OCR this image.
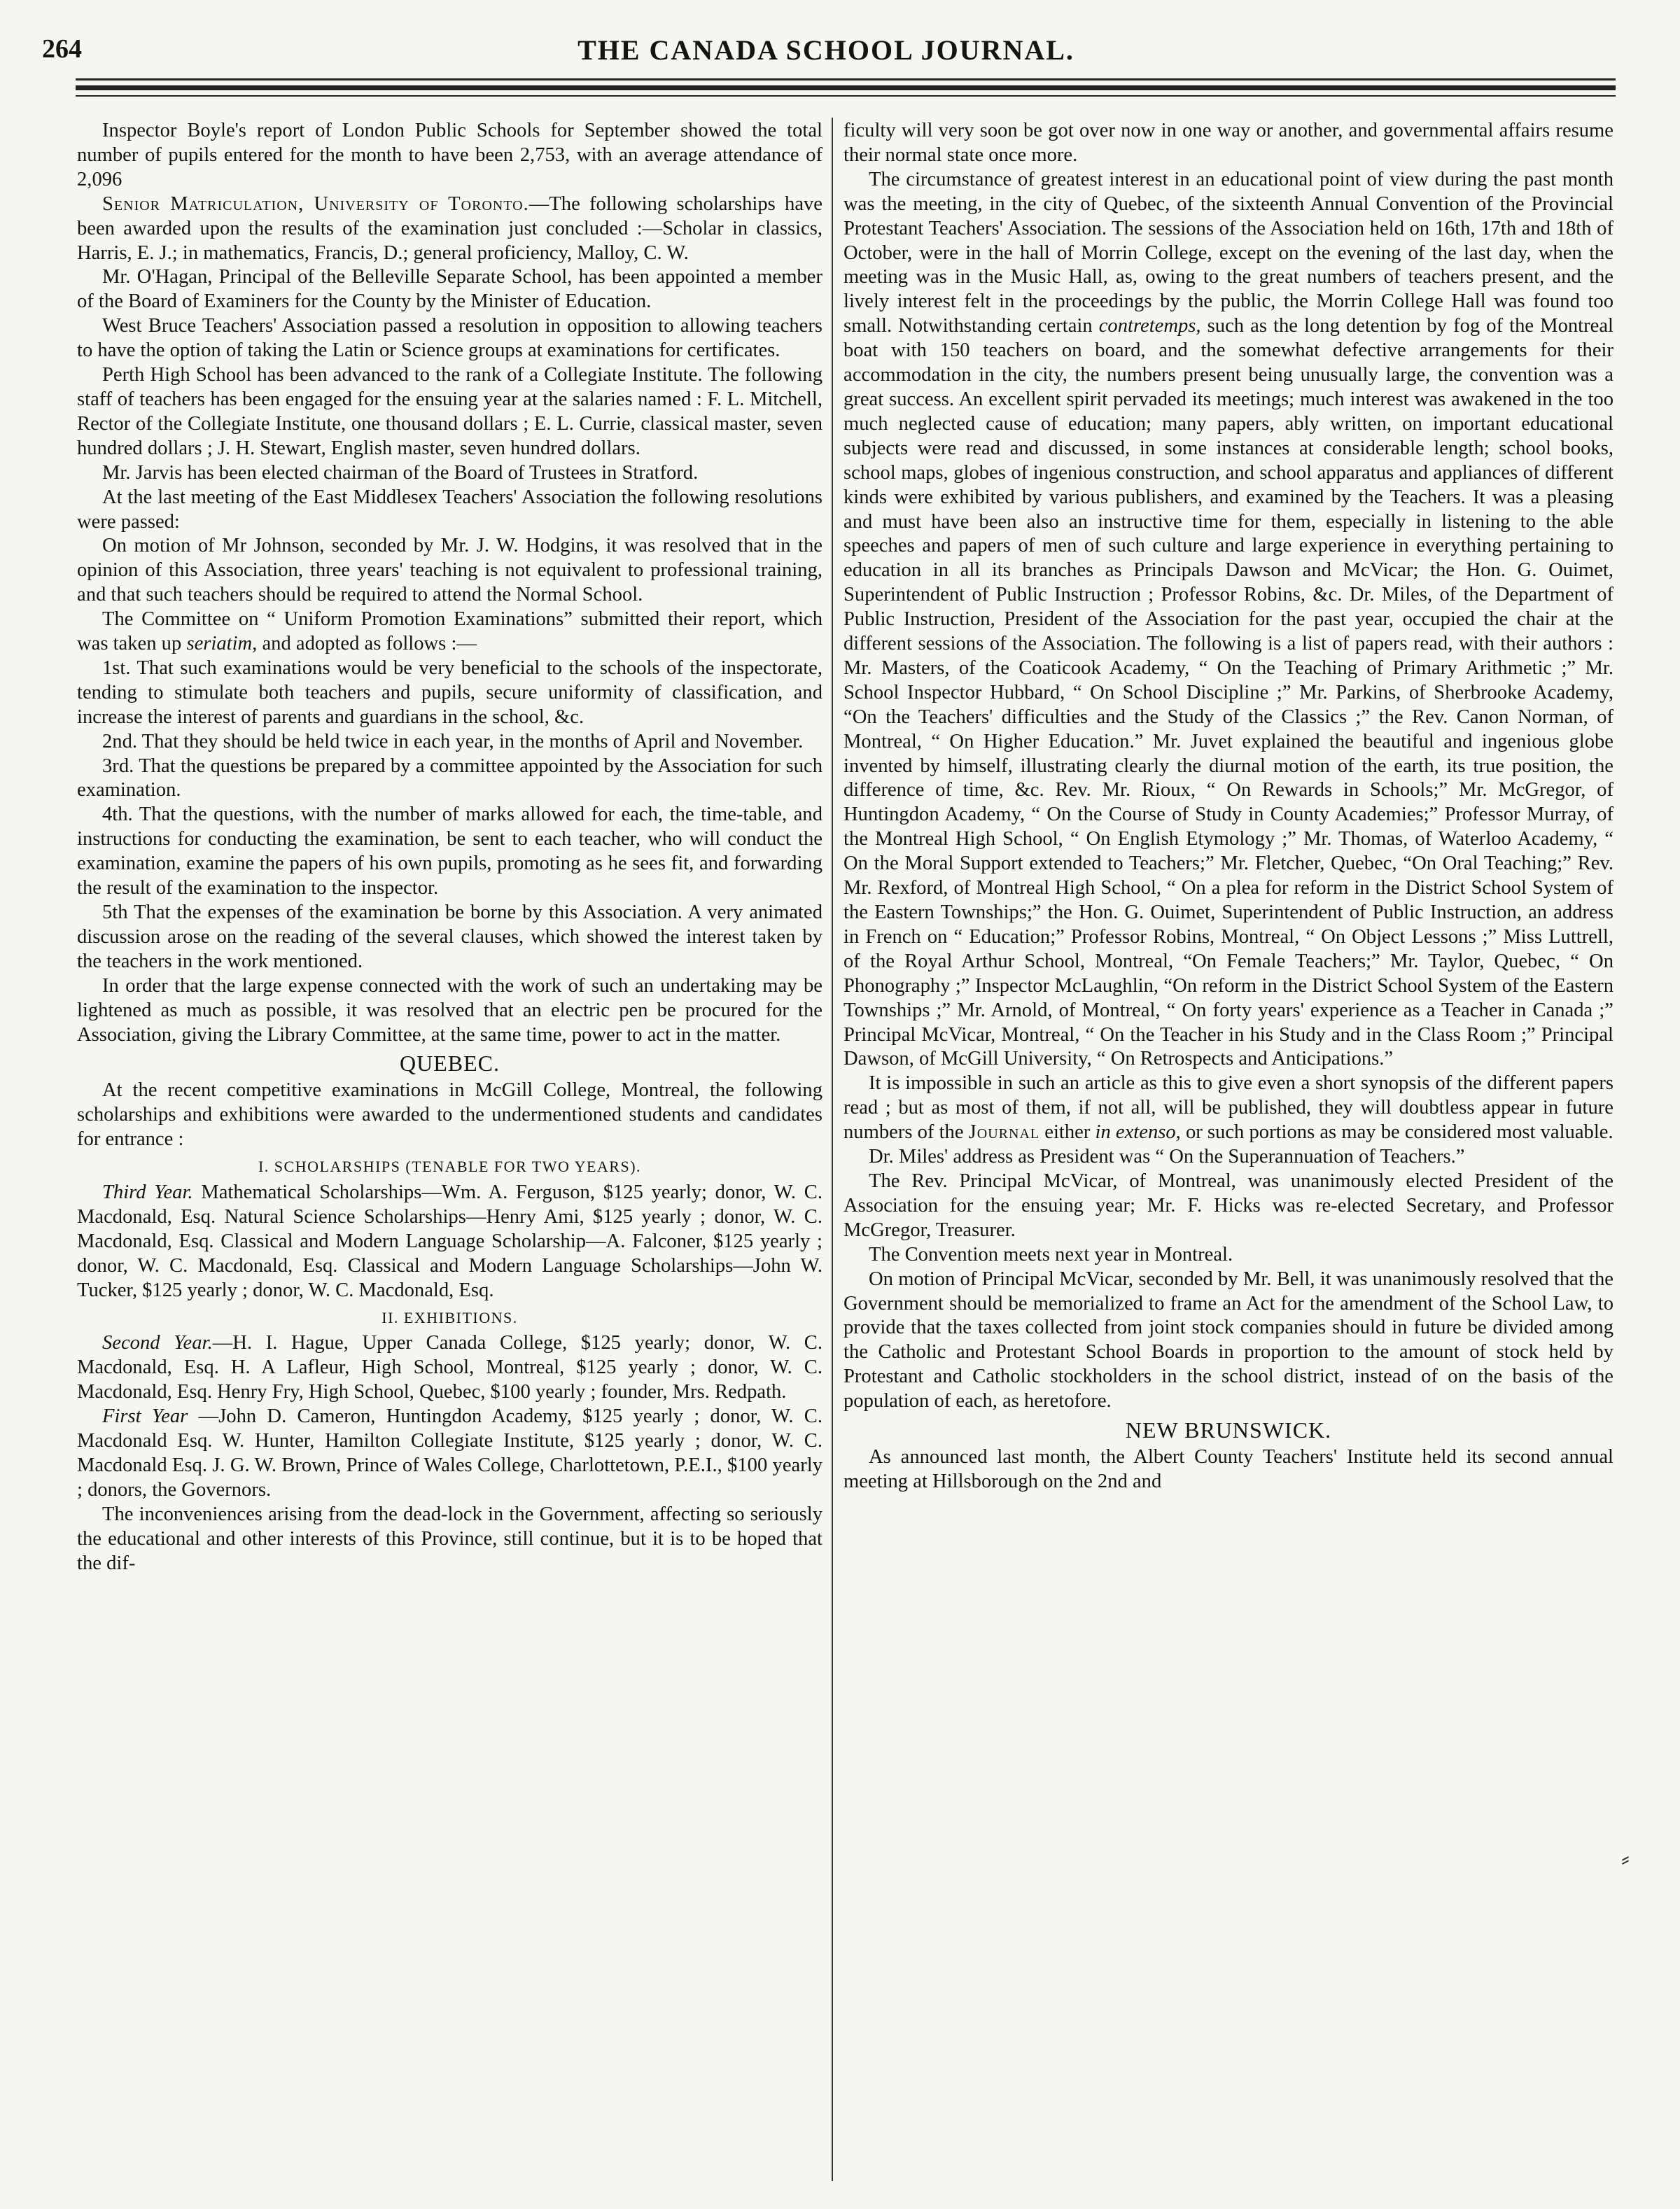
264	THE CANADA SCHOOL JOURNAL.

Inspector Boyle's report of London Public Schools for September showed the total number of pupils entered for the month to have been 2,753, with an average attendance of 2,096

Senior Matriculation, University of Toronto.—The following scholarships have been awarded upon the results of the examination just concluded :—Scholar in classics, Harris, E. J.; in mathematics, Francis, D.; general proficiency, Malloy, C. W.

Mr. O'Hagan, Principal of the Belleville Separate School, has been appointed a member of the Board of Examiners for the County by the Minister of Education.

West Bruce Teachers' Association passed a resolution in opposition to allowing teachers to have the option of taking the Latin or Science groups at examinations for certificates.

Perth High School has been advanced to the rank of a Collegiate Institute. The following staff of teachers has been engaged for the ensuing year at the salaries named : F. L. Mitchell, Rector of the Collegiate Institute, one thousand dollars ; E. L. Currie, classical master, seven hundred dollars ; J. H. Stewart, English master, seven hundred dollars.

Mr. Jarvis has been elected chairman of the Board of Trustees in Stratford.

At the last meeting of the East Middlesex Teachers' Association the following resolutions were passed:

On motion of Mr Johnson, seconded by Mr. J. W. Hodgins, it was resolved that in the opinion of this Association, three years' teaching is not equivalent to professional training, and that such teachers should be required to attend the Normal School.

The Committee on “ Uniform Promotion Examinations” submitted their report, which was taken up seriatim, and adopted as follows :—

1st. That such examinations would be very beneficial to the schools of the inspectorate, tending to stimulate both teachers and pupils, secure uniformity of classification, and increase the interest of parents and guardians in the school, &c.

2nd. That they should be held twice in each year, in the months of April and November.

3rd. That the questions be prepared by a committee appointed by the Association for such examination.

4th. That the questions, with the number of marks allowed for each, the time-table, and instructions for conducting the examination, be sent to each teacher, who will conduct the examination, examine the papers of his own pupils, promoting as he sees fit, and forwarding the result of the examination to the inspector.

5th That the expenses of the examination be borne by this Association. A very animated discussion arose on the reading of the several clauses, which showed the interest taken by the teachers in the work mentioned.

In order that the large expense connected with the work of such an undertaking may be lightened as much as possible, it was resolved that an electric pen be procured for the Association, giving the Library Committee, at the same time, power to act in the matter.

QUEBEC.

At the recent competitive examinations in McGill College, Montreal, the following scholarships and exhibitions were awarded to the undermentioned students and candidates for entrance :

I. SCHOLARSHIPS (TENABLE FOR TWO YEARS).

Third Year. Mathematical Scholarships—Wm. A. Ferguson, $125 yearly; donor, W. C. Macdonald, Esq. Natural Science Scholarships—Henry Ami, $125 yearly ; donor, W. C. Macdonald, Esq. Classical and Modern Language Scholarship—A. Falconer, $125 yearly ; donor, W. C. Macdonald, Esq. Classical and Modern Language Scholarships—John W. Tucker, $125 yearly ; donor, W. C. Macdonald, Esq.

II. EXHIBITIONS.

Second Year.—H. I. Hague, Upper Canada College, $125 yearly; donor, W. C. Macdonald, Esq. H. A Lafleur, High School, Montreal, $125 yearly ; donor, W. C. Macdonald, Esq. Henry Fry, High School, Quebec, $100 yearly ; founder, Mrs. Redpath.

First Year —John D. Cameron, Huntingdon Academy, $125 yearly ; donor, W. C. Macdonald Esq. W. Hunter, Hamilton Collegiate Institute, $125 yearly ; donor, W. C. Macdonald Esq. J. G. W. Brown, Prince of Wales College, Charlottetown, P.E.I., $100 yearly ; donors, the Governors.

The inconveniences arising from the dead-lock in the Government, affecting so seriously the educational and other interests of this Province, still continue, but it is to be hoped that the dif-

ficulty will very soon be got over now in one way or another, and governmental affairs resume their normal state once more.

The circumstance of greatest interest in an educational point of view during the past month was the meeting, in the city of Quebec, of the sixteenth Annual Convention of the Provincial Protestant Teachers' Association. The sessions of the Association held on 16th, 17th and 18th of October, were in the hall of Morrin College, except on the evening of the last day, when the meeting was in the Music Hall, as, owing to the great numbers of teachers present, and the lively interest felt in the proceedings by the public, the Morrin College Hall was found too small. Notwithstanding certain contretemps, such as the long detention by fog of the Montreal boat with 150 teachers on board, and the somewhat defective arrangements for their accommodation in the city, the numbers present being unusually large, the convention was a great success. An excellent spirit pervaded its meetings; much interest was awakened in the too much neglected cause of education; many papers, ably written, on important educational subjects were read and discussed, in some instances at considerable length; school books, school maps, globes of ingenious construction, and school apparatus and appliances of different kinds were exhibited by various publishers, and examined by the Teachers. It was a pleasing and must have been also an instructive time for them, especially in listening to the able speeches and papers of men of such culture and large experience in everything pertaining to education in all its branches as Principals Dawson and McVicar; the Hon. G. Ouimet, Superintendent of Public Instruction ; Professor Robins, &c. Dr. Miles, of the Department of Public Instruction, President of the Association for the past year, occupied the chair at the different sessions of the Association. The following is a list of papers read, with their authors : Mr. Masters, of the Coaticook Academy, “ On the Teaching of Primary Arithmetic ;” Mr. School Inspector Hubbard, “ On School Discipline ;” Mr. Parkins, of Sherbrooke Academy, “On the Teachers' difficulties and the Study of the Classics ;” the Rev. Canon Norman, of Montreal, “ On Higher Education.” Mr. Juvet explained the beautiful and ingenious globe invented by himself, illustrating clearly the diurnal motion of the earth, its true position, the difference of time, &c. Rev. Mr. Rioux, “ On Rewards in Schools;” Mr. McGregor, of Huntingdon Academy, “ On the Course of Study in County Academies;” Professor Murray, of the Montreal High School, “ On English Etymology ;” Mr. Thomas, of Waterloo Academy, “ On the Moral Support extended to Teachers;” Mr. Fletcher, Quebec, “On Oral Teaching;” Rev. Mr. Rexford, of Montreal High School, “ On a plea for reform in the District School System of the Eastern Townships;” the Hon. G. Ouimet, Superintendent of Public Instruction, an address in French on “ Education;” Professor Robins, Montreal, “ On Object Lessons ;” Miss Luttrell, of the Royal Arthur School, Montreal, “On Female Teachers;” Mr. Taylor, Quebec, “ On Phonography ;” Inspector McLaughlin, “On reform in the District School System of the Eastern Townships ;” Mr. Arnold, of Montreal, “ On forty years' experience as a Teacher in Canada ;” Principal McVicar, Montreal, “ On the Teacher in his Study and in the Class Room ;” Principal Dawson, of McGill University, “ On Retrospects and Anticipations.”

It is impossible in such an article as this to give even a short synopsis of the different papers read ; but as most of them, if not all, will be published, they will doubtless appear in future numbers of the Journal either in extenso, or such portions as may be considered most valuable.

Dr. Miles' address as President was “ On the Superannuation of Teachers.”

The Rev. Principal McVicar, of Montreal, was unanimously elected President of the Association for the ensuing year; Mr. F. Hicks was re-elected Secretary, and Professor McGregor, Treasurer.

The Convention meets next year in Montreal.

On motion of Principal McVicar, seconded by Mr. Bell, it was unanimously resolved that the Government should be memorialized to frame an Act for the amendment of the School Law, to provide that the taxes collected from joint stock companies should in future be divided among the Catholic and Protestant School Boards in proportion to the amount of stock held by Protestant and Catholic stockholders in the school district, instead of on the basis of the population of each, as heretofore.

NEW BRUNSWICK.

As announced last month, the Albert County Teachers' Institute held its second annual meeting at Hillsborough on the 2nd and

⸗
